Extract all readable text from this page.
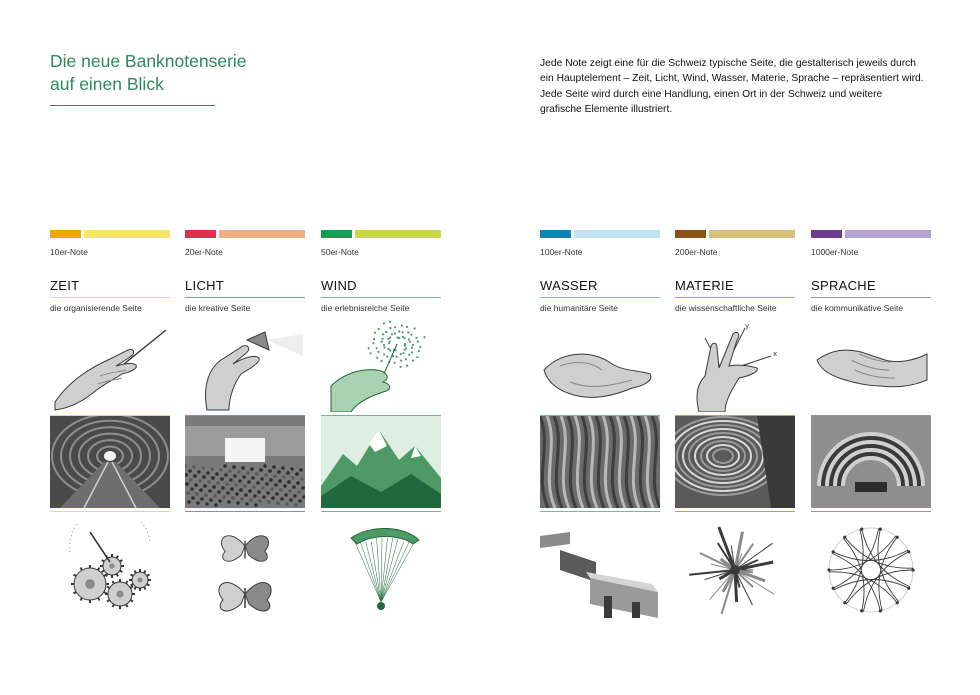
Die neue Banknotenserie
auf einen Blick

Jede Note zeigt eine für die Schweiz typische Seite, die gestalterisch jeweils durch ein Hauptelement – Zeit, Licht, Wind, Wasser, Materie, Sprache – repräsentiert wird. Jede Seite wird durch eine Handlung, einen Ort in der Schweiz und weitere grafische Elemente illustriert.

10er-Note
ZEIT
die organisierende Seite
20er-Note
LICHT
die kreative Seite
50er-Note
WIND
die erlebnisreiche Seite
100er-Note
WASSER
die humanitäre Seite
200er-Note
MATERIE
die wissenschaftliche Seite
x
y
1000er-Note
SPRACHE
die kommunikative Seite
